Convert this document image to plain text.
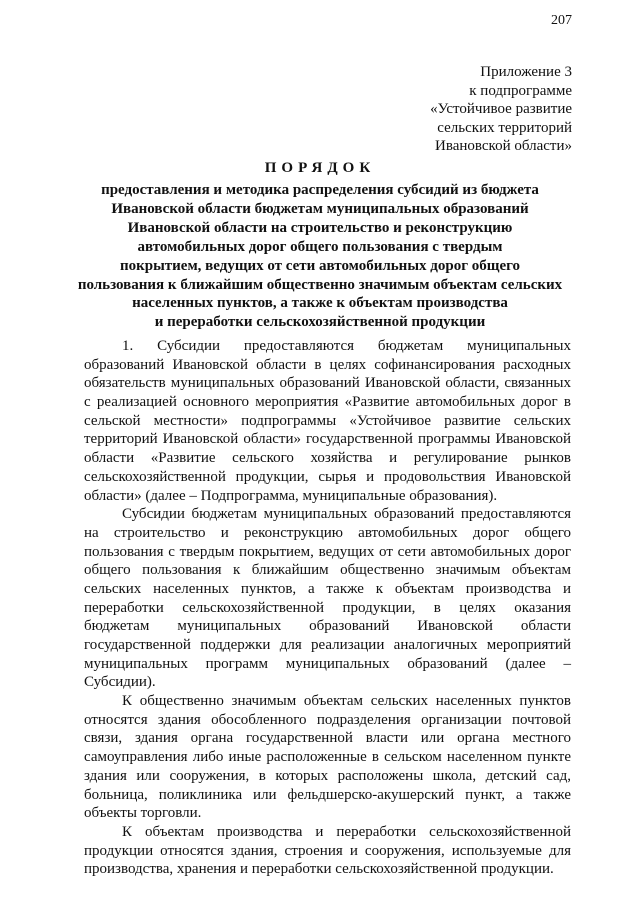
207
Приложение 3
к подпрограмме
«Устойчивое развитие
сельских территорий
Ивановской области»
ПОРЯДОК
предоставления и методика распределения субсидий из бюджета
Ивановской области бюджетам муниципальных образований
Ивановской области на строительство и реконструкцию
автомобильных дорог общего пользования с твердым
покрытием, ведущих от сети автомобильных дорог общего
пользования к ближайшим общественно значимым объектам сельских
населенных пунктов, а также к объектам производства
и переработки сельскохозяйственной продукции
1. Субсидии предоставляются бюджетам муниципальных
образований Ивановской области в целях софинансирования расходных
обязательств муниципальных образований Ивановской области, связанных
с реализацией основного мероприятия «Развитие автомобильных дорог в
сельской местности» подпрограммы «Устойчивое развитие сельских
территорий Ивановской области» государственной программы Ивановской
области «Развитие сельского хозяйства и регулирование рынков
сельскохозяйственной продукции, сырья и продовольствия Ивановской
области» (далее – Подпрограмма, муниципальные образования).
Субсидии бюджетам муниципальных образований предоставляются
на строительство и реконструкцию автомобильных дорог общего
пользования с твердым покрытием, ведущих от сети автомобильных дорог
общего пользования к ближайшим общественно значимым объектам
сельских населенных пунктов, а также к объектам производства и
переработки сельскохозяйственной продукции, в целях оказания
бюджетам муниципальных образований Ивановской области
государственной поддержки для реализации аналогичных мероприятий
муниципальных программ муниципальных образований (далее –
Субсидии).
К общественно значимым объектам сельских населенных пунктов
относятся здания обособленного подразделения организации почтовой
связи, здания органа государственной власти или органа местного
самоуправления либо иные расположенные в сельском населенном пункте
здания или сооружения, в которых расположены школа, детский сад,
больница, поликлиника или фельдшерско-акушерский пункт, а также
объекты торговли.
К объектам производства и переработки сельскохозяйственной
продукции относятся здания, строения и сооружения, используемые для
производства, хранения и переработки сельскохозяйственной продукции.
